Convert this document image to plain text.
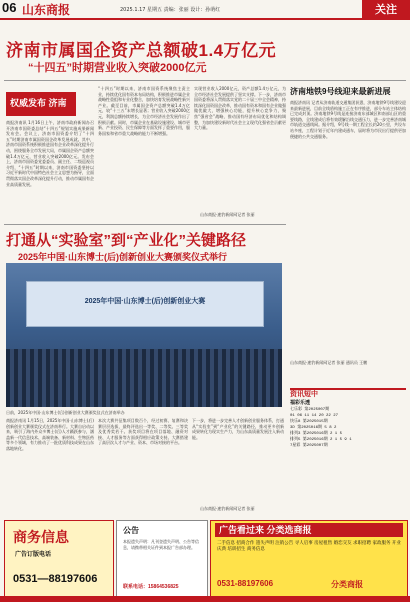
06 山东商报	2025.1.17 星期五 责编：张丽 设计：孙萌红	关注
济南市属国企资产总额破1.4万亿元
“十四五”时期营业收入突破2000亿元
权威发布 济南
商报济南讯 1月16日上午，济南市政府新闻办召开济南市国资委总结“十四五”规划实施成果新闻发布会。会议上，济南市国资委介绍了“十四五”时期济南市属国资国企改革发展成就。其中，济南市国资系统积极推进国有企业改革深化提升行动，围绕服务全市发展大局，市属国企资产总额突破1.4万亿元，营业收入突破2000亿元。发布会上，济南市国资委党委委员、副主任、二级巡视员介绍，“十四五”时期以来，济南市国资委坚持以习近平新时代中国特色社会主义思想为指导，全面贯彻落实国企改革深化提升行动，推动市属国有企业高质量发展。
“十四五”时期以来，济南市国资系统聚焦主责主业，持续优化国有资本布局结构，积极推进市属企业战略性重组和专业化整合，加快培育发展战略性新兴产业。截至目前，市属国企资产总额突破1.4万亿元，较“十三五”末增长显著；营业收入突破2000亿元，利润总额持续增长，为全市经济社会发展作出了积极贡献。同时，市属企业在基础设施建设、城市更新、产业投资、民生保障等方面发挥了重要作用，服务国家和省市重大战略的能力不断增强。
实现营业收入2000亿元，资产总额1.4万亿元，为全市经济社会发展提供了坚实支撑。下一步，济南市国资委将深入贯彻落实党的二十届三中全会精神，持续深化国资国企改革，推动国有资本和国有企业做强做优做大，增强核心功能，提升核心竞争力，聚焦“强省会”战略，推动国有经济布局优化和结构调整，为加快建设新时代社会主义现代化强省会贡献更大力量。
山东商报·速豹新闻网记者 张丽
济南地铁9号线迎来最新进展
商报济南讯 记者从济南轨道交通集团获悉，济南地铁9号线建设迎来最新进展，目前全线盾构施工正在有序推进，部分车站主体结构已完成封顶。济南地铁9号线是连接济南东部城区和南部山区的重要线路，全线建成后将有效缓解沿线交通压力，进一步完善济南城市轨道交通线网。据介绍，9号线一期工程全长约20公里，共设车站多座，工程计划于近年内建成通车，届时将为市民出行提供更加便捷的公共交通服务。
山东商报·速豹新闻网记者 张丽 通讯员 王鹏
打通从“实验室”到“产业化”关键路径
2025年中国·山东博士(后)创新创业大赛颁奖仪式举行
2025年中国·山东博士(后)创新创业大赛
日前，2025年中国·山东博士(后)创新创业大赛颁奖仪式在济南举办
商报济南讯 1月15日，2025年中国·山东博士(后)创新创业大赛颁奖仪式在济南举行。大赛自启动以来，吸引了海内外众多博士(后)人才踊跃参与，涵盖新一代信息技术、高端装备、新材料、生物医药等多个领域，有力推动了一批优质科技成果在山东落地转化。
本次大赛共征集项目数百个，经过初赛、复赛和决赛层层选拔，最终评选出一等奖、二等奖、三等奖及优秀奖若干。获奖项目将在项目落地、融资对接、人才服务等方面获得相应政策支持。大赛搭建了高层次人才与产业、资本、市场对接的平台。
下一步，将进一步完善人才创新创业服务体系，打通从“实验室”到“产业化”的关键路径，推动更多创新成果转化为现实生产力，为山东高质量发展注入新动能。
山东商报·速豹新闻网记者 张丽
资讯短中
福彩乐透
七乐彩 第2025007期
01 06 11 14 20 22 27
快乐8 第2025015期
3D 第2025016期 5 8 2
排列3 第2025016期 2 1 5
排列5 第2025016期 2 1 5 9 1
7星彩 第2025007期
商务信息
广告订版电话
0531—88197606
公告
本报遗失声明：凡刊登遗失声明、公告等信息，请携带相关证件到本报广告部办理。
联系电话：15864536825
广告看过来 分类选商报
二手信息 招商合作 遗失声明 注销公告 寻人启事 房屋租售 婚恋交友 求职招聘 家政服务 开业庆典 培训招生 商务信息
0531-88197606	分类商报
